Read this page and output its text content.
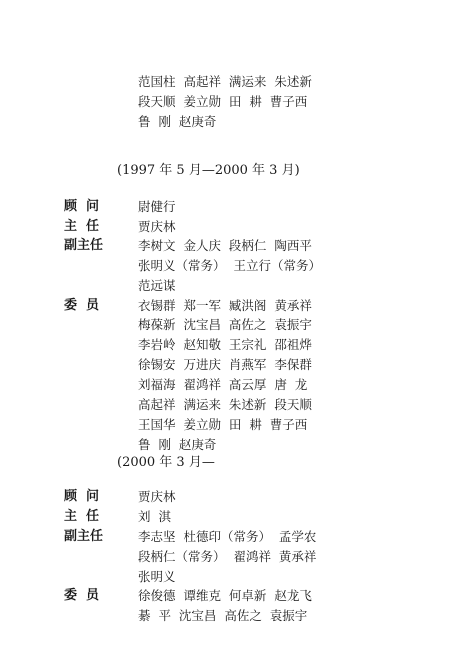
范国柱  高起祥  满运来  朱述新
段天顺  姜立勋  田  耕  曹子西
鲁  刚  赵庚奇
(1997 年 5 月—2000 年 3 月)
顾  问	尉健行
主  任	贾庆林
副主任	李树文  金人庆  段柄仁  陶西平
张明义（常务）  王立行（常务）
范远谋
委  员	衣锡群  郑一军  臧洪阁  黄承祥
梅葆新  沈宝昌  高佐之  袁振宇
李岩岭  赵知敬  王宗礼  邵祖烨
徐锡安  万进庆  肖燕军  李保群
刘福海  翟鸿祥  高云厚  唐  龙
高起祥  满运来  朱述新  段天顺
王国华  姜立勋  田  耕  曹子西
鲁  刚  赵庚奇
(2000 年 3 月—
顾  问	贾庆林
主  任	刘  淇
副主任	李志坚  杜德印（常务）  孟学农
段柄仁（常务）  翟鸿祥  黄承祥
张明义
委  员	徐俊德  谭维克  何卓新  赵龙飞
綦  平  沈宝昌  高佐之  袁振宇
